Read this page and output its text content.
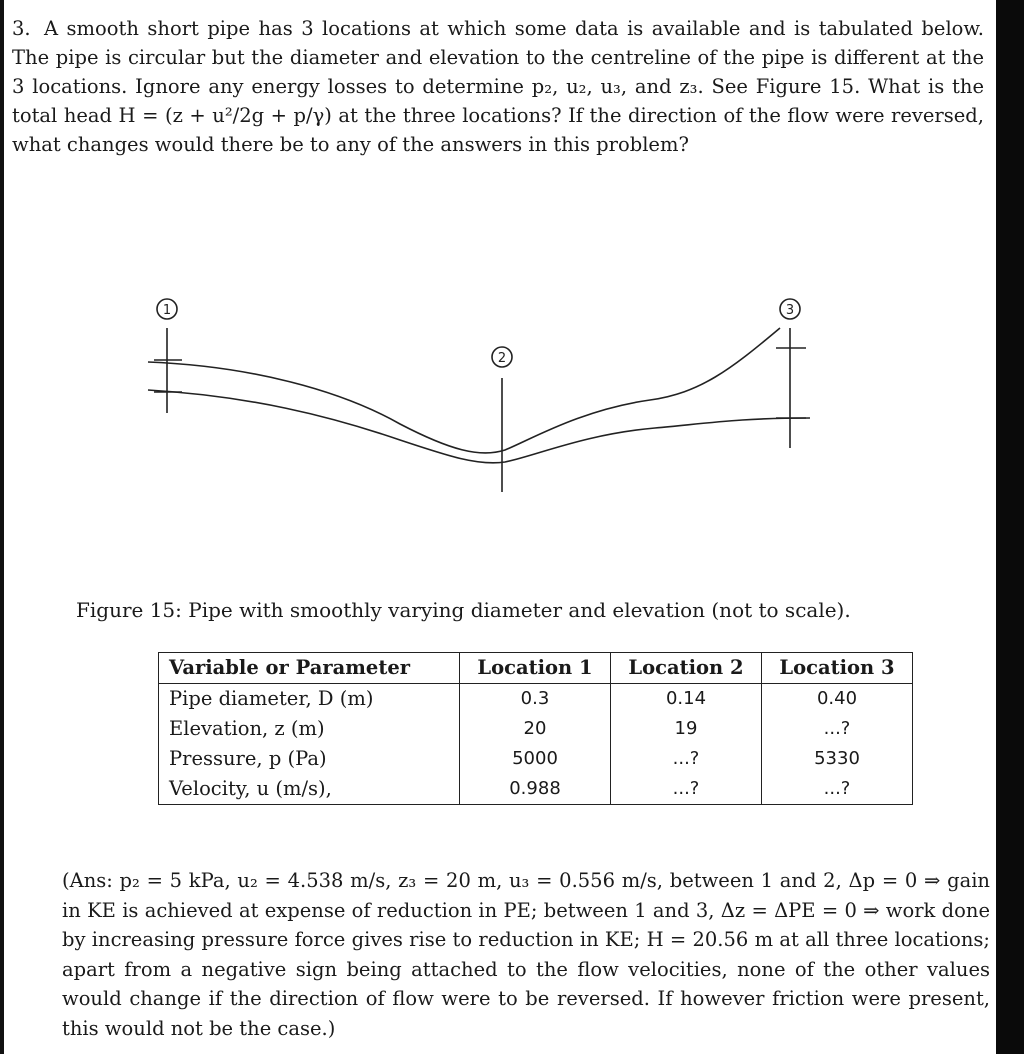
3. A smooth short pipe has 3 locations at which some data is available and is tabulated below. The pipe is circular but the diameter and elevation to the centreline of the pipe is different at the 3 locations. Ignore any energy losses to determine p₂, u₂, u₃, and z₃. See Figure 15. What is the total head H = (z + u²/2g + p/γ) at the three locations? If the direction of the flow were reversed, what changes would there be to any of the answers in this problem?
1
2
3
Figure 15: Pipe with smoothly varying diameter and elevation (not to scale).
Variable or Parameter	Location 1	Location 2	Location 3
Pipe diameter, D (m)	0.3	0.14	0.40
Elevation, z (m)	20	19	...?
Pressure, p (Pa)	5000	...?	5330
Velocity, u (m/s),	0.988	...?	...?
(Ans: p₂ = 5 kPa, u₂ = 4.538 m/s, z₃ = 20 m, u₃ = 0.556 m/s, between 1 and 2, Δp = 0 ⇒ gain in KE is achieved at expense of reduction in PE; between 1 and 3, Δz = ΔPE = 0 ⇒ work done by increasing pressure force gives rise to reduction in KE; H = 20.56 m at all three locations; apart from a negative sign being attached to the flow velocities, none of the other values would change if the direction of flow were to be reversed. If however friction were present, this would not be the case.)
